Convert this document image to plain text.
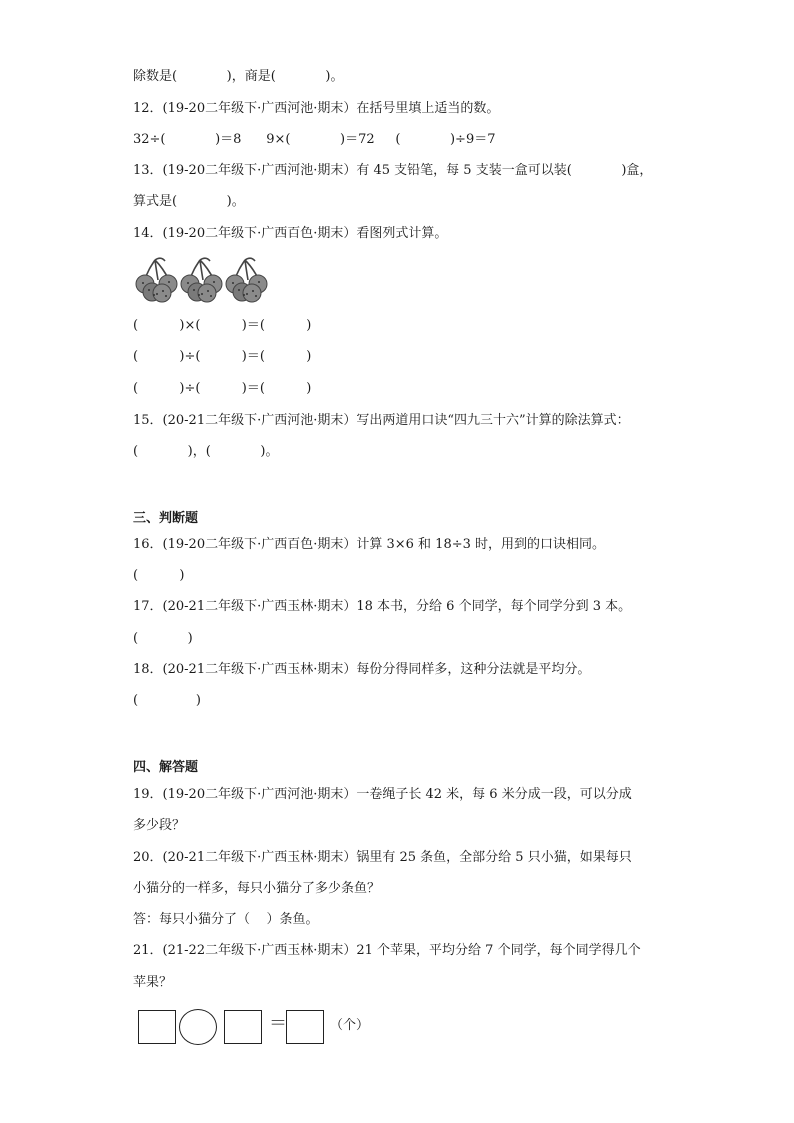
除数是(            )，商是(            )。
12．(19-20二年级下·广西河池·期末）在括号里填上适当的数。
32÷(            )＝8      9×(            )＝72     (            )÷9＝7
13．(19-20二年级下·广西河池·期末）有 45 支铅笔，每 5 支装一盒可以装(            )盒，
算式是(            )。
14．(19-20二年级下·广西百色·期末）看图列式计算。
(          )×(          )＝(          )
(          )÷(          )＝(          )
(          )÷(          )＝(          )
15．(20-21二年级下·广西河池·期末）写出两道用口诀“四九三十六”计算的除法算式：
(            )，(            )。
三、判断题
16．(19-20二年级下·广西百色·期末）计算 3×6 和 18÷3 时，用到的口诀相同。
(          )
17．(20-21二年级下·广西玉林·期末）18 本书，分给 6 个同学，每个同学分到 3 本。
(            )
18．(20-21二年级下·广西玉林·期末）每份分得同样多，这种分法就是平均分。
(              )
四、解答题
19．(19-20二年级下·广西河池·期末）一卷绳子长 42 米，每 6 米分成一段，可以分成
多少段？
20．(20-21二年级下·广西玉林·期末）锅里有 25 条鱼，全部分给 5 只小猫，如果每只
小猫分的一样多，每只小猫分了多少条鱼？
答：每只小猫分了（    ）条鱼。
21．(21-22二年级下·广西玉林·期末）21 个苹果，平均分给 7 个同学，每个同学得几个
苹果？
＝	（个）
